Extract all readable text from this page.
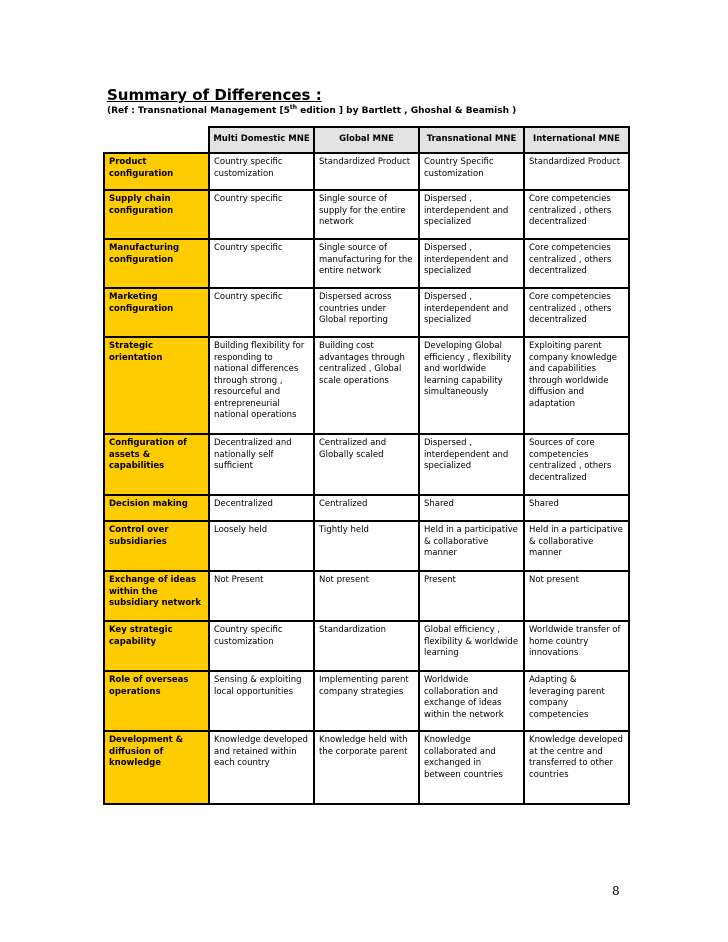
Summary of Differences :
(Ref : Transnational Management [5th edition ] by Bartlett , Ghoshal & Beamish )
	Multi Domestic MNE	Global MNE	Transnational MNE	International MNE
Product configuration	Country specific customization	Standardized Product	Country Specific customization	Standardized Product
Supply chain configuration	Country specific	Single source of supply for the entire network	Dispersed , interdependent and specialized	Core competencies centralized , others decentralized
Manufacturing configuration	Country specific	Single source of manufacturing for the entire network	Dispersed , interdependent and specialized	Core competencies centralized , others decentralized
Marketing configuration	Country specific	Dispersed across countries under Global reporting	Dispersed , interdependent and specialized	Core competencies centralized , others decentralized
Strategic orientation	Building flexibility for responding to national differences through strong , resourceful and entrepreneurial national operations	Building cost advantages through centralized , Global scale operations	Developing Global efficiency , flexibility and worldwide learning capability simultaneously	Exploiting parent company knowledge and capabilities through worldwide diffusion and adaptation
Configuration of assets & capabilities	Decentralized and nationally self sufficient	Centralized and Globally scaled	Dispersed , interdependent and specialized	Sources of core competencies centralized , others decentralized
Decision making	Decentralized	Centralized	Shared	Shared
Control over subsidiaries	Loosely held	Tightly held	Held in a participative & collaborative manner	Held in a participative & collaborative manner
Exchange of ideas within the subsidiary network	Not Present	Not present	Present	Not present
Key strategic capability	Country specific customization	Standardization	Global efficiency , flexibility & worldwide learning	Worldwide transfer of home country innovations
Role of overseas operations	Sensing & exploiting local opportunities	Implementing parent company strategies	Worldwide collaboration and exchange of ideas within the network	Adapting & leveraging parent company competencies
Development & diffusion of knowledge	Knowledge developed and retained within each country	Knowledge held with the corporate parent	Knowledge collaborated and exchanged in between countries	Knowledge developed at the centre and transferred to other countries
8
